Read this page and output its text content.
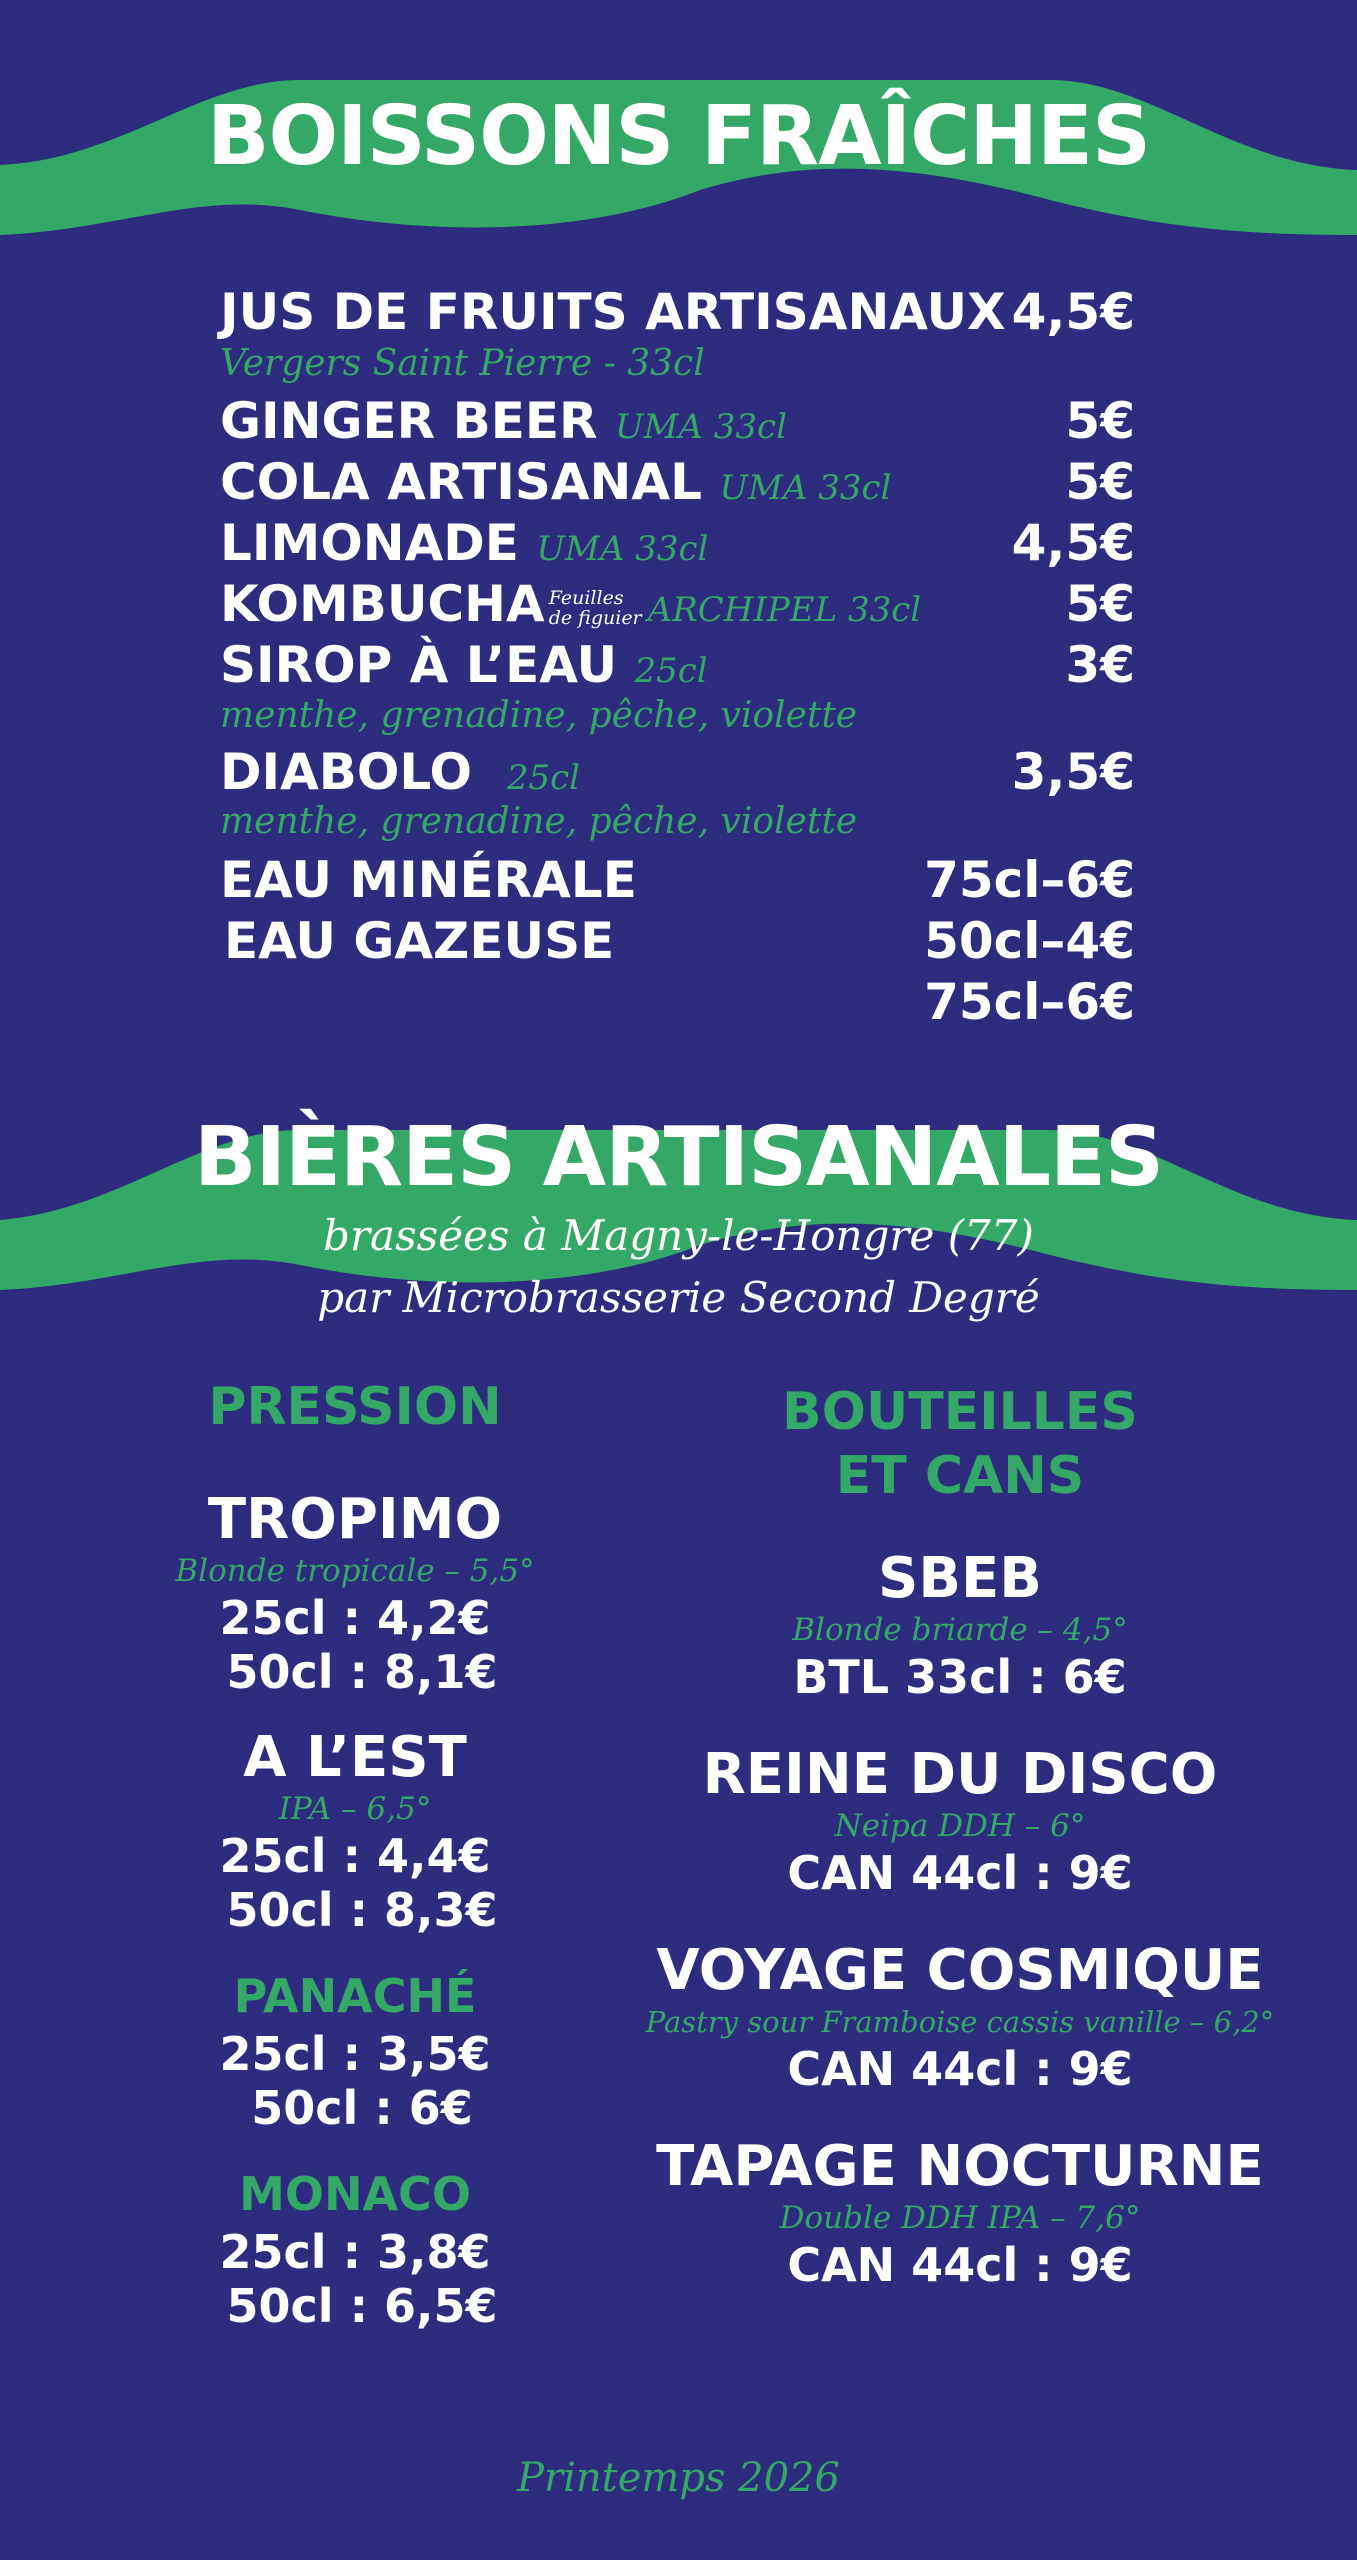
BOISSONS FRAÎCHES
JUS DE FRUITS ARTISANAUX 4,5€
Vergers Saint Pierre - 33cl
GINGER BEER UMA 33cl	5€
COLA ARTISANAL UMA 33cl	5€
LIMONADE UMA 33cl	4,5€
KOMBUCHA Feuilles
de figuier ARCHIPEL 33cl	5€
SIROP À L’EAU 25cl	3€
menthe, grenadine, pêche, violette
DIABOLO 25cl	3,5€
menthe, grenadine, pêche, violette
EAU MINÉRALE	75cl–6€
EAU GAZEUSE	50cl–4€
75cl–6€
BIÈRES ARTISANALES
brassées à Magny-le-Hongre (77)
par Microbrasserie Second Degré
PRESSION
TROPIMO
Blonde tropicale – 5,5°
25cl : 4,2€
50cl : 8,1€
A L’EST
IPA – 6,5°
25cl : 4,4€
50cl : 8,3€
PANACHÉ
25cl : 3,5€
50cl : 6€
MONACO
25cl : 3,8€
50cl : 6,5€
BOUTEILLES
ET CANS
SBEB
Blonde briarde – 4,5°
BTL 33cl : 6€
REINE DU DISCO
Neipa DDH – 6°
CAN 44cl : 9€
VOYAGE COSMIQUE
Pastry sour Framboise cassis vanille – 6,2°
CAN 44cl : 9€
TAPAGE NOCTURNE
Double DDH IPA – 7,6°
CAN 44cl : 9€
Printemps 2026
